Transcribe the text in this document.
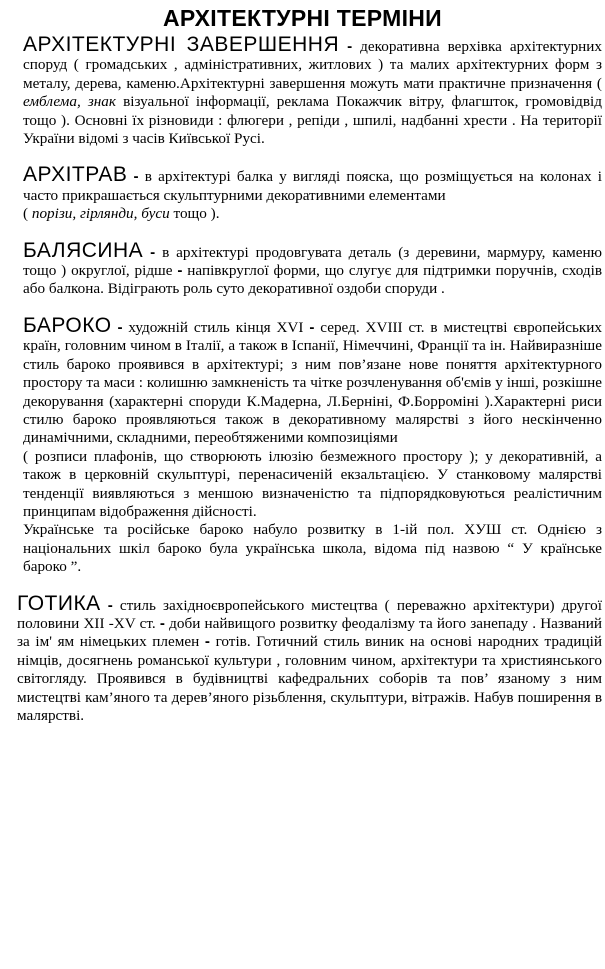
АРХІТЕКТУРНІ ТЕРМІНИ

АРХІТЕКТУРНІ ЗАВЕРШЕННЯ - декоративна верхівка архітектурних споруд ( громадських , адміністративних, житлових ) та малих архітектурних форм з металу, дерева, каменю.Архітектурні завершення можуть мати практичне призначення ( емблема, знак візуальної інформації, реклама Покажчик вітру, флагшток, громовідвід тощо ). Основні їх різновиди : флюгери , репіди , шпилі, надбанні хрести . На території України відомі з часів Київської Русі.

АРХІТРАВ - в архітектурі балка у вигляді пояска, що розміщується на колонах і часто прикрашається скульптурними декоративними елементами
( порізи, гірлянди, буси тощо ).

БАЛЯСИНА - в архітектурі продовгувата деталь (з деревини, мармуру, каменю тощо ) округлої, рідше - напівкруглої форми, що слугує для підтримки поручнів, сходів або балкона. Відіграють роль суто декоративної оздоби споруди .

БАРОКО - художній стиль кінця XVI - серед. XVIII ст. в мистецтві європейських країн, головним чином в Італії, а також в Іспанії, Німеччині, Франції та ін. Найвиразніше стиль бароко проявився в архітектурі; з ним пов’язане нове поняття архітектурного простору та маси : колишню замкненість та чітке розчленування об'ємів у інші, розкішне декорування (характерні споруди К.Мадерна, Л.Берніні, Ф.Борроміні ).Характерні риси стилю бароко проявляються також в декоративному малярстві з його нескінченно динамічними, складними, переобтяженими композиціями
( розписи плафонів, що створюють ілюзію безмежного простору ); у декоративній, а також в церковній скульптурі, перенасиченій екзальтацією. У станковому малярстві тенденції виявляються з меншою визначеністю та підпорядковуються реалістичним принципам відображення дійсності.
Українське та російське бароко набуло розвитку в 1-ій пол. ХУШ ст. Однією з національних шкіл бароко була українська школа, відома під назвою “ У країнське бароко ”.

ГОТИКА - стиль західноєвропейського мистецтва ( переважно архітектури) другої половини XII -XV ст. - доби найвищого розвитку феодалізму та його занепаду . Названий за ім' ям німецьких племен - готів. Готичний стиль виник на основі народних традицій німців, досягнень романської культури , головним чином, архітектури та християнського світогляду. Проявився в будівництві кафедральних соборів та пов’ язаному з ним мистецтві кам’яного та дерев’яного різьблення, скульптури, вітражів. Набув поширення в малярстві.
